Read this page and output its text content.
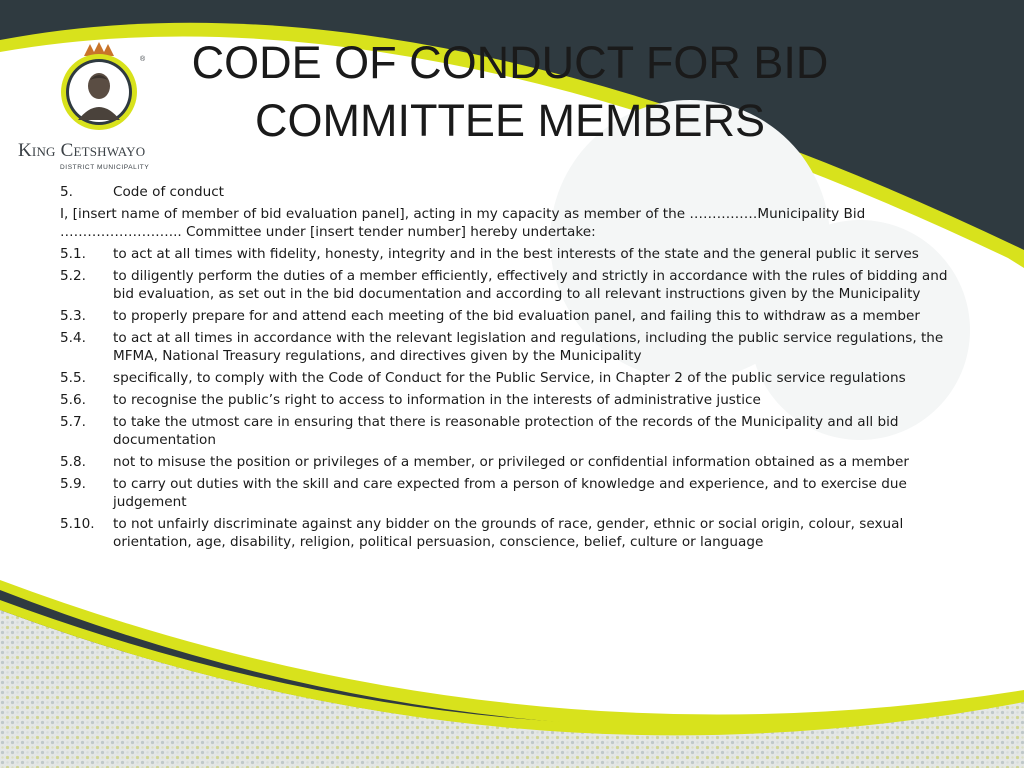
®
King Cetshwayo
DISTRICT MUNICIPALITY
CODE OF CONDUCT FOR BID COMMITTEE MEMBERS
5.	Code of conduct
I, [insert name of member of bid evaluation panel], acting in my capacity as member of the ……………Municipality Bid ……………………... Committee under [insert tender number] hereby undertake:
5.1.	to act at all times with fidelity, honesty, integrity and in the best interests of the state and the general public it serves
5.2.	to diligently perform the duties of a member efficiently, effectively and strictly in accordance with the rules of bidding and bid evaluation, as set out in the bid documentation and according to all relevant instructions given by the Municipality
5.3.	to properly prepare for and attend each meeting of the bid evaluation panel, and failing this to withdraw as a member
5.4.	to act at all times in accordance with the relevant legislation and regulations, including the public service regulations, the MFMA, National Treasury regulations, and directives given by the Municipality
5.5.	specifically, to comply with the Code of Conduct for the Public Service, in Chapter 2 of the public service regulations
5.6.	to recognise the public’s right to access to information in the interests of administrative justice
5.7.	to take the utmost care in ensuring that there is reasonable protection of the records of the Municipality and all bid documentation
5.8.	not to misuse the position or privileges of a member, or privileged or confidential information obtained as a member
5.9.	to carry out duties with the skill and care expected from a person of knowledge and experience, and to exercise due judgement
5.10.	to not unfairly discriminate against any bidder on the grounds of race, gender, ethnic or social origin, colour, sexual orientation, age, disability, religion, political persuasion, conscience, belief, culture or language
